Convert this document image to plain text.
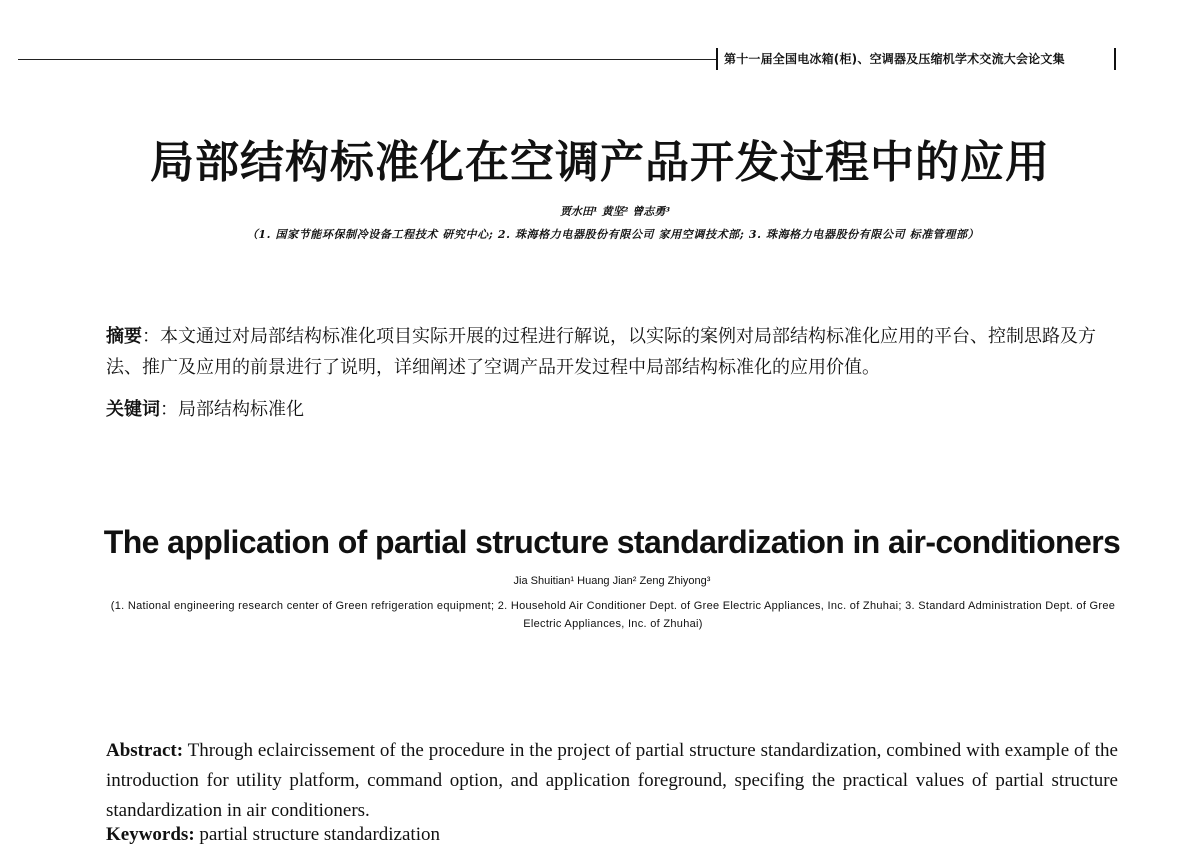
第十一届全国电冰箱(柜)、空调器及压缩机学术交流大会论文集
局部结构标准化在空调产品开发过程中的应用
贾水田¹ 黄坚² 曾志勇³
（1. 国家节能环保制冷设备工程技术 研究中心; 2. 珠海格力电器股份有限公司 家用空调技术部; 3. 珠海格力电器股份有限公司 标准管理部）
摘要：本文通过对局部结构标准化项目实际开展的过程进行解说，以实际的案例对局部结构标准化应用的平台、控制思路及方法、推广及应用的前景进行了说明，详细阐述了空调产品开发过程中局部结构标准化的应用价值。
关键词：局部结构标准化
The application of partial structure standardization in air-conditioners
Jia Shuitian¹ Huang Jian² Zeng Zhiyong³
(1. National engineering research center of Green refrigeration equipment; 2. Household Air Conditioner Dept. of Gree Electric Appliances, Inc. of Zhuhai; 3. Standard Administration Dept. of Gree Electric Appliances, Inc. of Zhuhai)
Abstract: Through eclaircissement of the procedure in the project of partial structure standardization, combined with example of the introduction for utility platform, command option, and application foreground, specifing the practical values of partial structure standardization in air conditioners.
Keywords: partial structure standardization
